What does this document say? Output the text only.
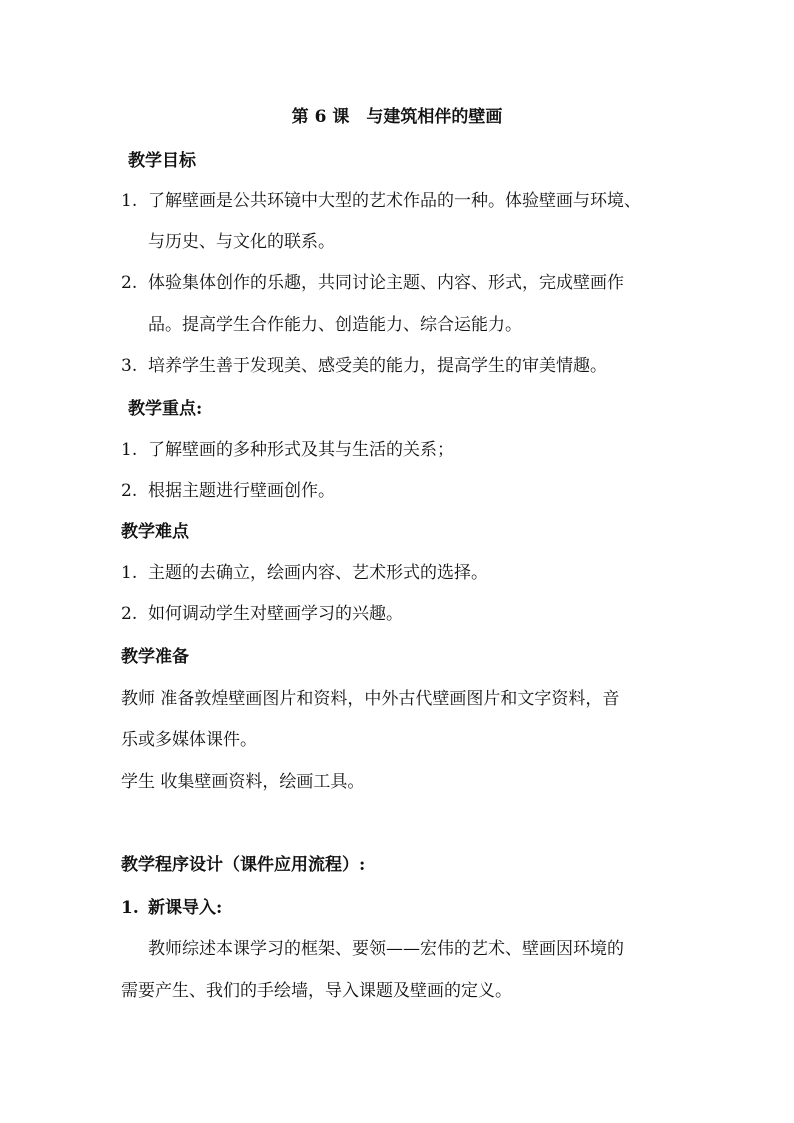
第 6 课　与建筑相伴的壁画
教学目标
1. 了解壁画是公共环镜中大型的艺术作品的一种。体验壁画与环境、
与历史、与文化的联系。
2. 体验集体创作的乐趣，共同讨论主题、内容、形式，完成壁画作
品。提高学生合作能力、创造能力、综合运能力。
3. 培养学生善于发现美、感受美的能力，提高学生的审美情趣。
教学重点:
1. 了解壁画的多种形式及其与生活的关系；
2. 根据主题进行壁画创作。
教学难点
1. 主题的去确立，绘画内容、艺术形式的选择。
2. 如何调动学生对壁画学习的兴趣。
教学准备
教师 准备敦煌壁画图片和资料，中外古代壁画图片和文字资料，音
乐或多媒体课件。
学生 收集壁画资料，绘画工具。
教学程序设计（课件应用流程）:
1. 新课导入:
教师综述本课学习的框架、要领——宏伟的艺术、壁画因环境的
需要产生、我们的手绘墙，导入课题及壁画的定义。
